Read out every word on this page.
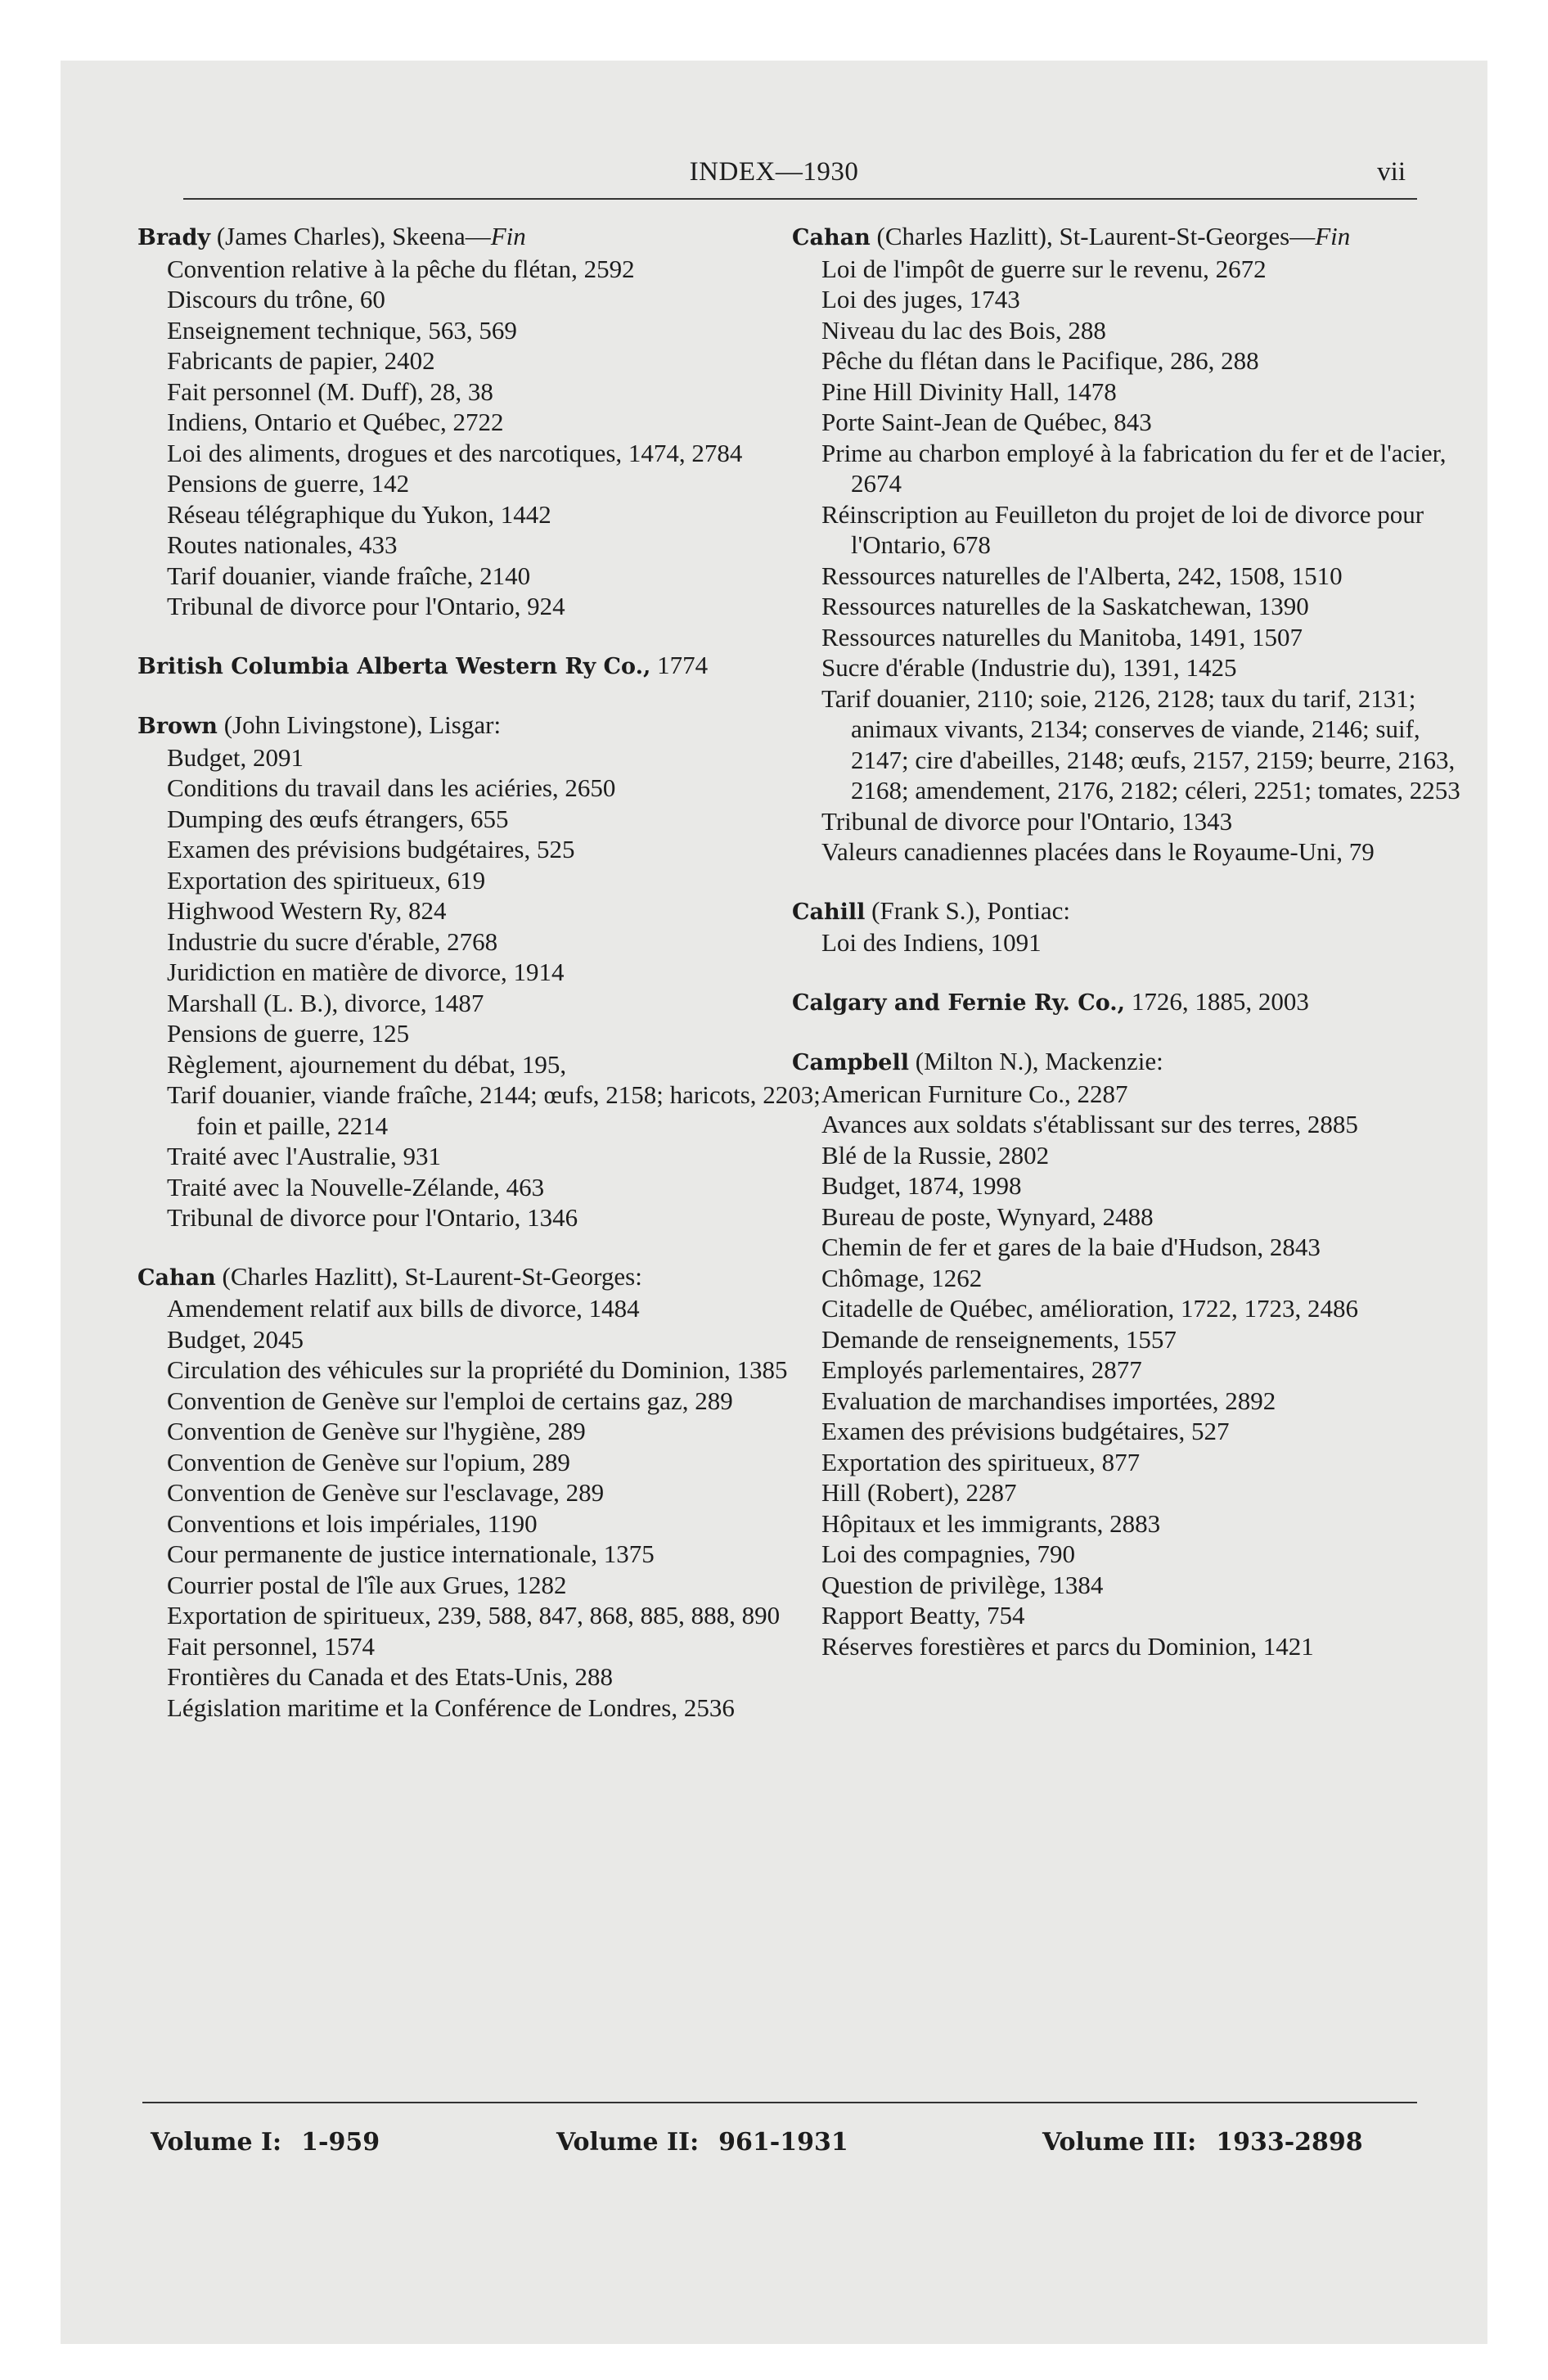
INDEX—1930	vii
Brady (James Charles), Skeena—Fin
Convention relative à la pêche du flétan, 2592
Discours du trône, 60
Enseignement technique, 563, 569
Fabricants de papier, 2402
Fait personnel (M. Duff), 28, 38
Indiens, Ontario et Québec, 2722
Loi des aliments, drogues et des narcotiques, 1474, 2784
Pensions de guerre, 142
Réseau télégraphique du Yukon, 1442
Routes nationales, 433
Tarif douanier, viande fraîche, 2140
Tribunal de divorce pour l'Ontario, 924
British Columbia Alberta Western Ry Co., 1774
Brown (John Livingstone), Lisgar:
Budget, 2091
Conditions du travail dans les aciéries, 2650
Dumping des œufs étrangers, 655
Examen des prévisions budgétaires, 525
Exportation des spiritueux, 619
Highwood Western Ry, 824
Industrie du sucre d'érable, 2768
Juridiction en matière de divorce, 1914
Marshall (L. B.), divorce, 1487
Pensions de guerre, 125
Règlement, ajournement du débat, 195,
Tarif douanier, viande fraîche, 2144; œufs, 2158; haricots, 2203; foin et paille, 2214
Traité avec l'Australie, 931
Traité avec la Nouvelle-Zélande, 463
Tribunal de divorce pour l'Ontario, 1346
Cahan (Charles Hazlitt), St-Laurent-St-Georges:
Amendement relatif aux bills de divorce, 1484
Budget, 2045
Circulation des véhicules sur la propriété du Dominion, 1385
Convention de Genève sur l'emploi de certains gaz, 289
Convention de Genève sur l'hygiène, 289
Convention de Genève sur l'opium, 289
Convention de Genève sur l'esclavage, 289
Conventions et lois impériales, 1190
Cour permanente de justice internationale, 1375
Courrier postal de l'île aux Grues, 1282
Exportation de spiritueux, 239, 588, 847, 868, 885, 888, 890
Fait personnel, 1574
Frontières du Canada et des Etats-Unis, 288
Législation maritime et la Conférence de Londres, 2536
Cahan (Charles Hazlitt), St-Laurent-St-Georges—Fin
Loi de l'impôt de guerre sur le revenu, 2672
Loi des juges, 1743
Niveau du lac des Bois, 288
Pêche du flétan dans le Pacifique, 286, 288
Pine Hill Divinity Hall, 1478
Porte Saint-Jean de Québec, 843
Prime au charbon employé à la fabrication du fer et de l'acier, 2674
Réinscription au Feuilleton du projet de loi de divorce pour l'Ontario, 678
Ressources naturelles de l'Alberta, 242, 1508, 1510
Ressources naturelles de la Saskatchewan, 1390
Ressources naturelles du Manitoba, 1491, 1507
Sucre d'érable (Industrie du), 1391, 1425
Tarif douanier, 2110; soie, 2126, 2128; taux du tarif, 2131; animaux vivants, 2134; conserves de viande, 2146; suif, 2147; cire d'abeilles, 2148; œufs, 2157, 2159; beurre, 2163, 2168; amendement, 2176, 2182; céleri, 2251; tomates, 2253
Tribunal de divorce pour l'Ontario, 1343
Valeurs canadiennes placées dans le Royaume-Uni, 79
Cahill (Frank S.), Pontiac:
Loi des Indiens, 1091
Calgary and Fernie Ry. Co., 1726, 1885, 2003
Campbell (Milton N.), Mackenzie:
American Furniture Co., 2287
Avances aux soldats s'établissant sur des terres, 2885
Blé de la Russie, 2802
Budget, 1874, 1998
Bureau de poste, Wynyard, 2488
Chemin de fer et gares de la baie d'Hudson, 2843
Chômage, 1262
Citadelle de Québec, amélioration, 1722, 1723, 2486
Demande de renseignements, 1557
Employés parlementaires, 2877
Evaluation de marchandises importées, 2892
Examen des prévisions budgétaires, 527
Exportation des spiritueux, 877
Hill (Robert), 2287
Hôpitaux et les immigrants, 2883
Loi des compagnies, 790
Question de privilège, 1384
Rapport Beatty, 754
Réserves forestières et parcs du Dominion, 1421
Volume I: 1-959	Volume II: 961-1931	Volume III: 1933-2898
